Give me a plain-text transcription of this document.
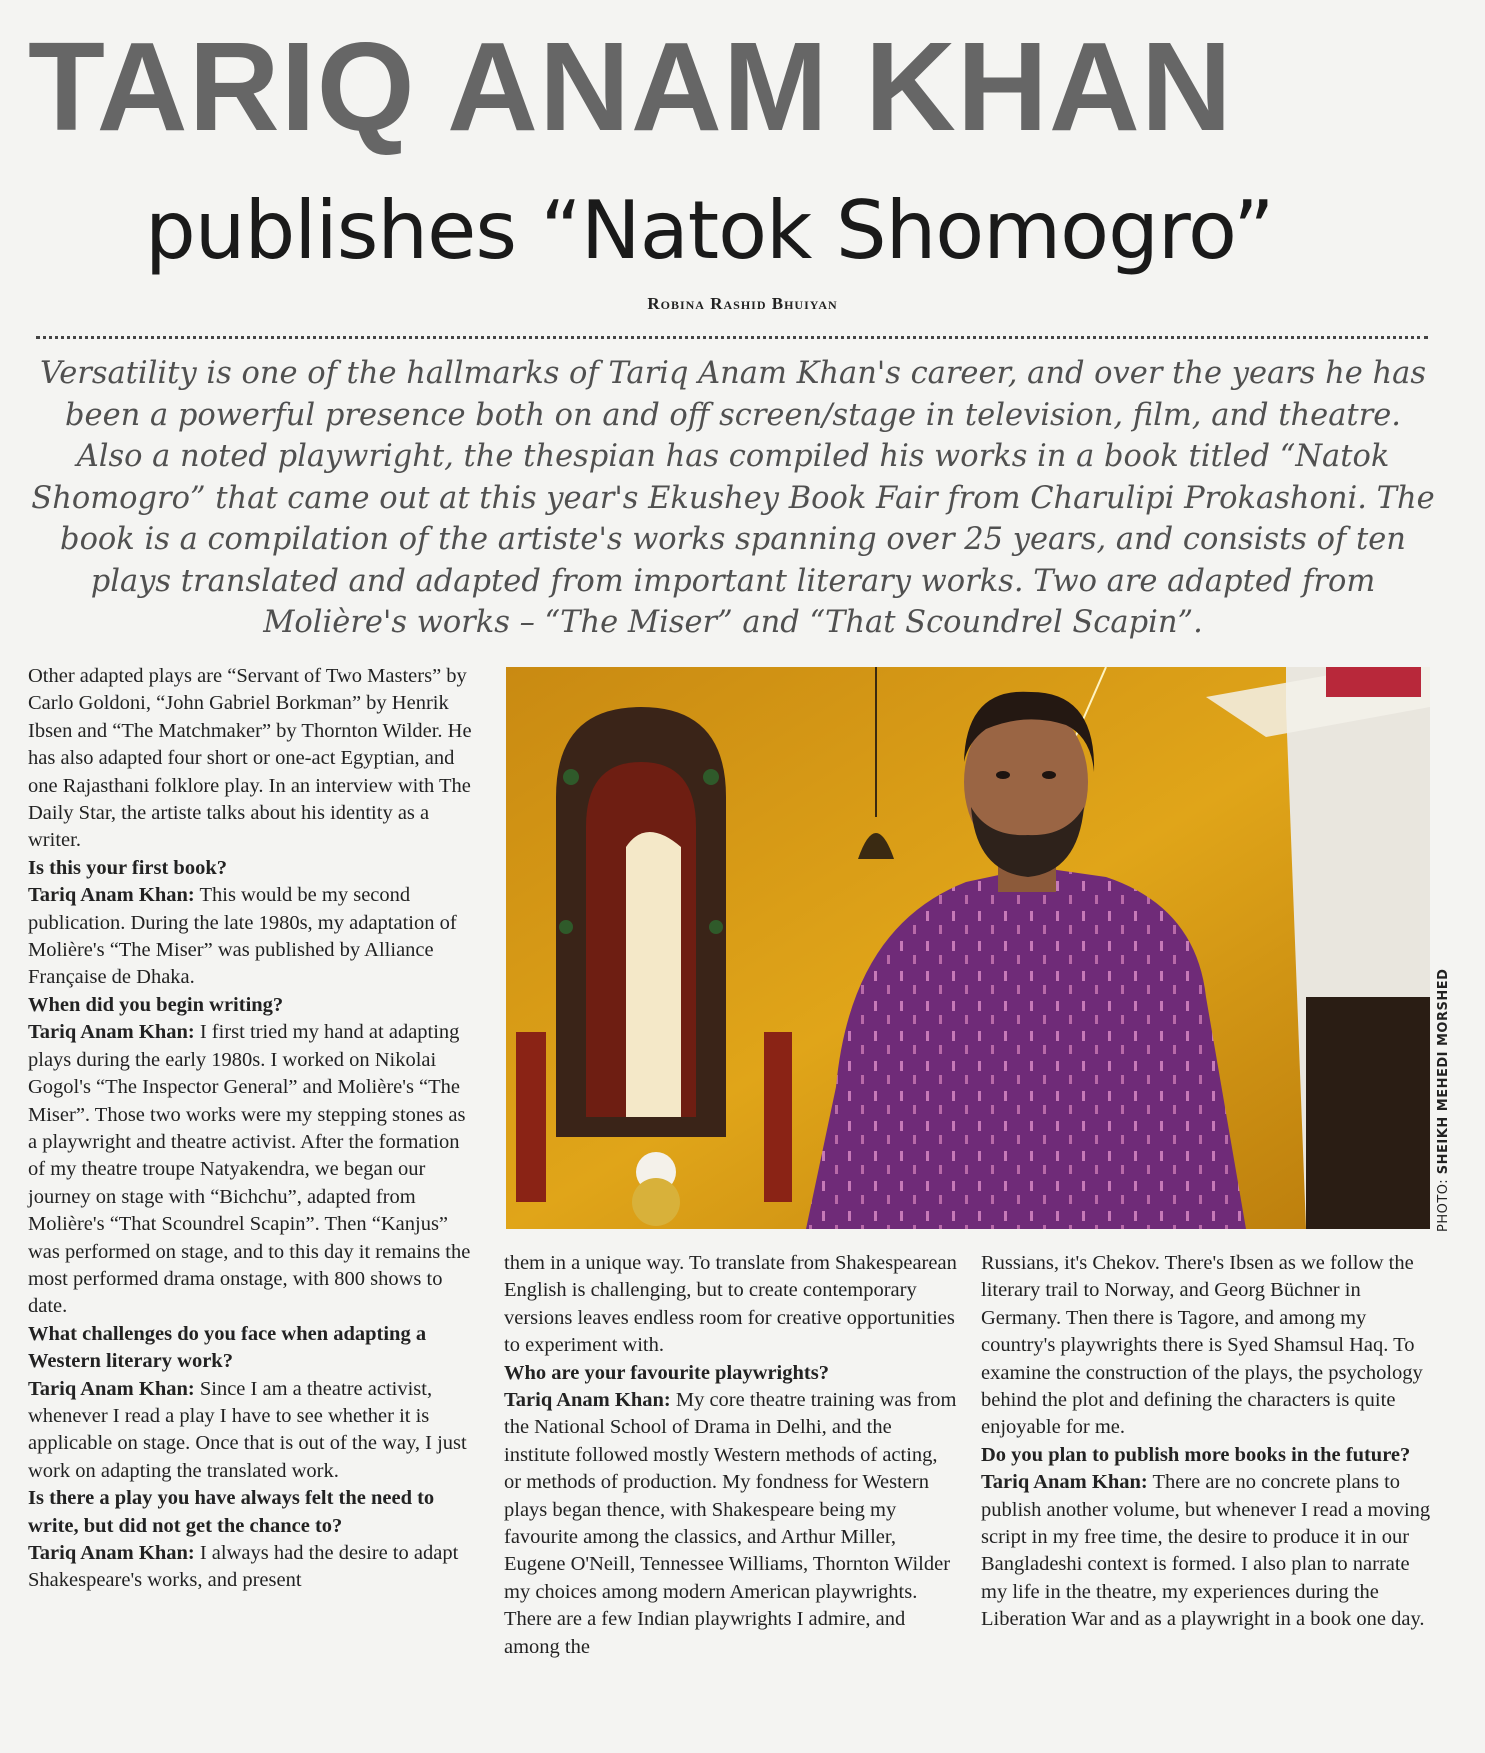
TARIQ ANAM KHAN
publishes “Natok Shomogro”
Robina Rashid Bhuiyan

Versatility is one of the hallmarks of Tariq Anam Khan's career, and over the years he has been a powerful presence both on and off screen/stage in television, film, and theatre. Also a noted playwright, the thespian has compiled his works in a book titled “Natok Shomogro” that came out at this year's Ekushey Book Fair from Charulipi Prokashoni. The book is a compilation of the artiste's works spanning over 25 years, and consists of ten plays translated and adapted from important literary works. Two are adapted from Molière's works – “The Miser” and “That Scoundrel Scapin”.

Other adapted plays are “Servant of Two Masters” by Carlo Goldoni, “John Gabriel Borkman” by Henrik Ibsen and “The Matchmaker” by Thornton Wilder. He has also adapted four short or one-act Egyptian, and one Rajasthani folklore play. In an interview with The Daily Star, the artiste talks about his identity as a writer.

Is this your first book?

Tariq Anam Khan: This would be my second publication. During the late 1980s, my adaptation of Molière's “The Miser” was published by Alliance Française de Dhaka.

When did you begin writing?

Tariq Anam Khan: I first tried my hand at adapting plays during the early 1980s. I worked on Nikolai Gogol's “The Inspector General” and Molière's “The Miser”. Those two works were my stepping stones as a playwright and theatre activist. After the formation of my theatre troupe Natyakendra, we began our journey on stage with “Bichchu”, adapted from Molière's “That Scoundrel Scapin”. Then “Kanjus” was performed on stage, and to this day it remains the most performed drama onstage, with 800 shows to date.

What challenges do you face when adapting a Western literary work?

Tariq Anam Khan: Since I am a theatre activist, whenever I read a play I have to see whether it is applicable on stage. Once that is out of the way, I just work on adapting the translated work.

Is there a play you have always felt the need to write, but did not get the chance to?

Tariq Anam Khan: I always had the desire to adapt Shakespeare's works, and present

PHOTO: SHEIKH MEHEDI MORSHED

them in a unique way. To translate from Shakespearean English is challenging, but to create contemporary versions leaves endless room for creative opportunities to experiment with.

Who are your favourite playwrights?

Tariq Anam Khan: My core theatre training was from the National School of Drama in Delhi, and the institute followed mostly Western methods of acting, or methods of production. My fondness for Western plays began thence, with Shakespeare being my favourite among the classics, and Arthur Miller, Eugene O'Neill, Tennessee Williams, Thornton Wilder my choices among modern American playwrights. There are a few Indian playwrights I admire, and among the

Russians, it's Chekov. There's Ibsen as we follow the literary trail to Norway, and Georg Büchner in Germany. Then there is Tagore, and among my country's playwrights there is Syed Shamsul Haq. To examine the construction of the plays, the psychology behind the plot and defining the characters is quite enjoyable for me.

Do you plan to publish more books in the future?

Tariq Anam Khan: There are no concrete plans to publish another volume, but whenever I read a moving script in my free time, the desire to produce it in our Bangladeshi context is formed. I also plan to narrate my life in the theatre, my experiences during the Liberation War and as a playwright in a book one day.
